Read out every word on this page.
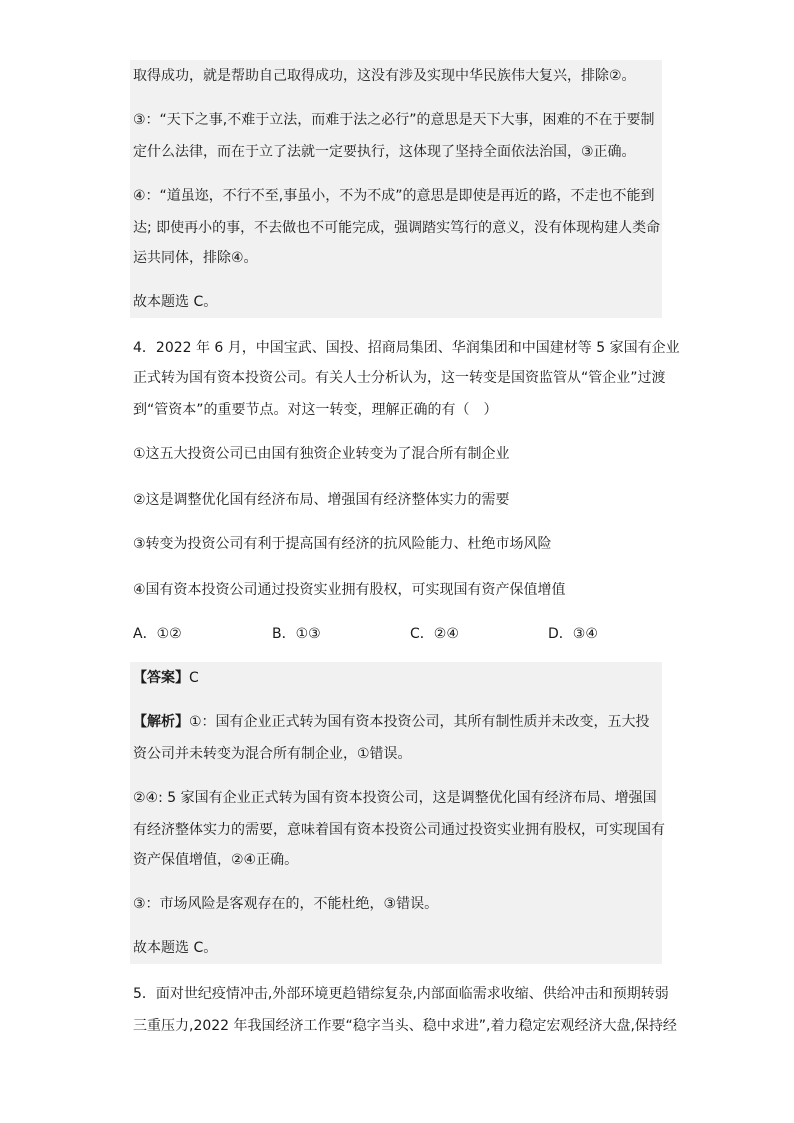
取得成功，就是帮助自己取得成功，这没有涉及实现中华民族伟大复兴，排除②。
③：“天下之事,不难于立法，而难于法之必行”的意思是天下大事，困难的不在于要制
定什么法律，而在于立了法就一定要执行，这体现了坚持全面依法治国，③正确。
④：“道虽迩，不行不至,事虽小，不为不成”的意思是即使是再近的路，不走也不能到
达; 即使再小的事，不去做也不可能完成，强调踏实笃行的意义，没有体现构建人类命
运共同体，排除④。
故本题选 C。
4．2022 年 6 月，中国宝武、国投、招商局集团、华润集团和中国建材等 5 家国有企业
正式转为国有资本投资公司。有关人士分析认为，这一转变是国资监管从“管企业”过渡
到“管资本”的重要节点。对这一转变，理解正确的有（　）
①这五大投资公司已由国有独资企业转变为了混合所有制企业
②这是调整优化国有经济布局、增强国有经济整体实力的需要
③转变为投资公司有利于提高国有经济的抗风险能力、杜绝市场风险
④国有资本投资公司通过投资实业拥有股权，可实现国有资产保值增值
A．①②	B．①③	C．②④	D．③④
【答案】C
【解析】①：国有企业正式转为国有资本投资公司，其所有制性质并未改变，五大投
资公司并未转变为混合所有制企业，①错误。
②④: 5 家国有企业正式转为国有资本投资公司，这是调整优化国有经济布局、增强国
有经济整体实力的需要，意味着国有资本投资公司通过投资实业拥有股权，可实现国有
资产保值增值，②④正确。
③：市场风险是客观存在的，不能杜绝，③错误。
故本题选 C。
5．面对世纪疫情冲击,外部环境更趋错综复杂,内部面临需求收缩、供给冲击和预期转弱
三重压力,2022 年我国经济工作要“稳字当头、稳中求进”,着力稳定宏观经济大盘,保持经
